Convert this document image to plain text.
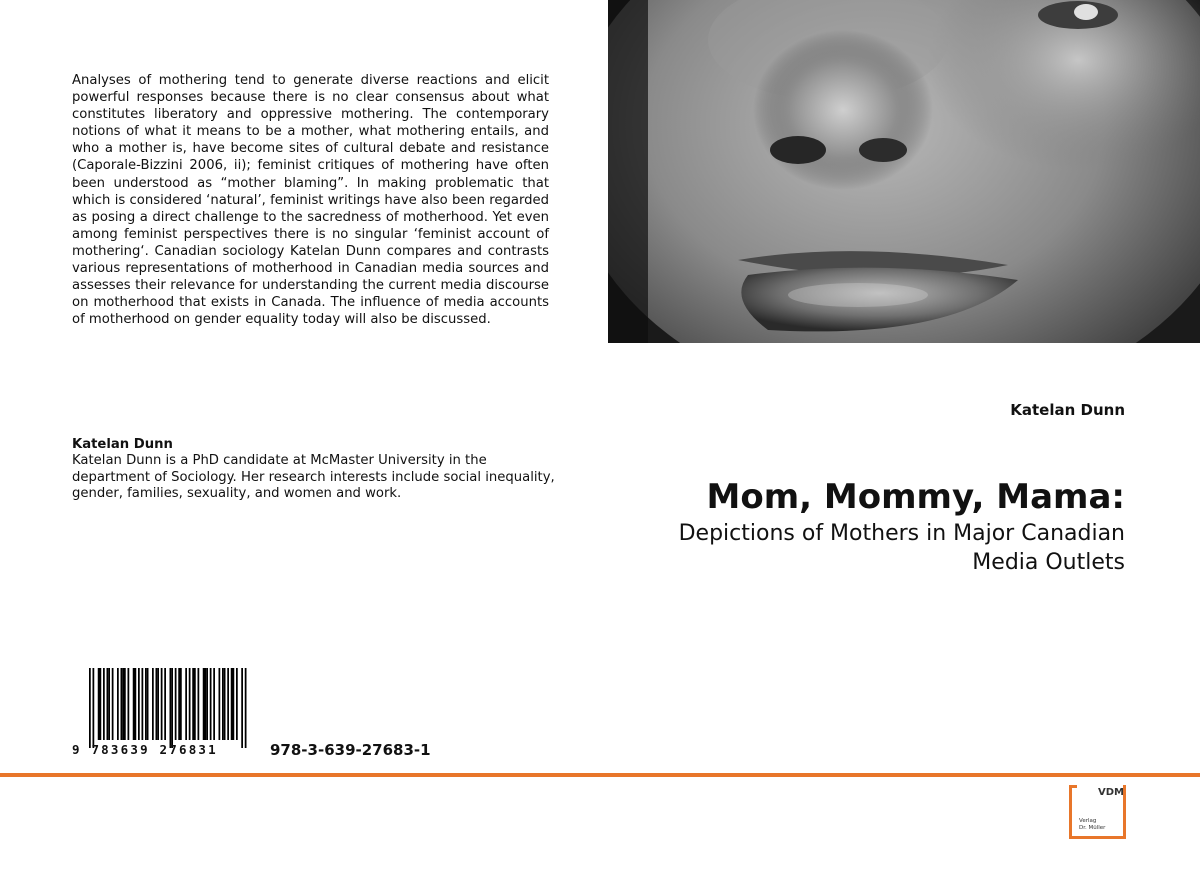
Analyses of mothering tend to generate diverse reactions and elicit powerful responses because there is no clear consensus about what constitutes liberatory and oppressive mothering. The contemporary notions of what it means to be a mother, what mothering entails, and who a mother is, have become sites of cultural debate and resistance (Caporale-Bizzini 2006, ii); feminist critiques of mothering have often been understood as “mother blaming”. In making problematic that which is considered ‘natural’, feminist writings have also been regarded as posing a direct challenge to the sacredness of motherhood. Yet even among feminist perspectives there is no singular ‘feminist account of mothering‘. Canadian sociology Katelan Dunn compares and contrasts various representations of motherhood in Canadian media sources and assesses their relevance for understanding the current media discourse on motherhood that exists in Canada. The influence of media accounts of motherhood on gender equality today will also be discussed.
Katelan Dunn
Katelan Dunn is a PhD candidate at McMaster University in the department of Sociology. Her research interests include social inequality, gender, families, sexuality, and women and work.
Katelan Dunn
Mom, Mommy, Mama:
Depictions of Mothers in Major Canadian Media Outlets
9 783639 276831	978-3-639-27683-1
VDM
Verlag
Dr. Müller
